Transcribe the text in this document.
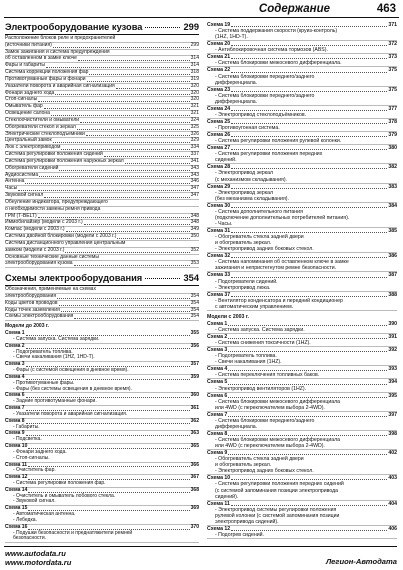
Содержание	463
Электрооборудование кузова	299
Расположение блоков реле и предохранителей
(источники питания)	299
Замок зажигания и система предупреждения
об оставленном в замке ключе	314
Фары и габариты	314
Система коррекции положения фар	318
Противотуманные фары и фонари	319
Указатели поворота и аварийная сигнализация	320
Фонари заднего хода	320
Стоп-сигналы	320
Омыватель фар	321
Освещение салона	321
Стеклоочистители и омыватели	324
Обогреватели стекол и зеркал	325
Электрические стеклоподъемники	326
Центральный замок	329
Люк с электроприводом	334
Система регулировки положения сидений	337
Система регулировки положения наружных зеркал	341
Обогреватели сидений	343
Аудиосистема	343
Антенна	346
Часы	347
Звуковой сигнал	347
Обнуление индикатора, предупреждающего
о необходимости замены ремня привода
ГРМ (Т-BELT)	348
Иммобилайзер (модели с 2003 г.)	348
Компас (модели с 2003 г.)	349
Система двойной блокировки (модели с 2003 г.)	350
Система дистанционного управления центральным
замком (модели с 2003 г.)	352
Основные технические данные системы
электрооборудования кузова	353
Схемы электрооборудования	354
Обозначения, применяемые на схемах
электрооборудования	354
Коды цветов проводов	354
Коды точек заземления	354
Схемы электрооборудования	354
Модели до 2003 г.
Схема 1	355
- Система запуска. Система зарядки.
Схема 2	356
- Подогреватель топлива.
- Свечи накаливания (1HZ, 1HD-T).
Схема 3	357
- Фары (с системой освещения в дневное время).
Схема 4	359
- Противотуманные фары.
- Фары (без системы освещения в дневное время).
Схема 6	360
- Задние противотуманные фонари.
Схема 7	361
- Указатели поворота и аварийная сигнализация.
Схема 8	362
- Габариты.
Схема 9	363
- Подсветка.
Схема 10	365
- Фонари заднего хода.
- Стоп-сигналы.
Схема 11	366
- Очиститель фар.
Схема 12	367
- Система регулировки положения фар.
Схема 14	368
- Очиститель и омыватель лобового стекла.
- Звуковой сигнал.
Схема 15	369
- Автоматическая антенна.
- Лебедка.
Схема 16	370
- Подушки безопасности и преднатяжители ремней
безопасности.
Схема 19	371
- Система поддержания скорости (круиз-контроль)
(1HZ, 1HD-T).
Схема 20	372
- Антиблокировочная система тормозов (ABS).
Схема 21	373
- Система блокировки межосевого дифференциала.
Схема 22	375
- Система блокировки переднего/заднего
дифференциала.
Схема 23	375
- Система блокировки переднего/заднего
дифференциала.
Схема 24	377
- Электропривод стеклоподъёмников.
Схема 25	378
- Противоугонная система.
Схема 26	379
- Система регулировки положения рулевой колонки.
Схема 27	380
- Система регулировки положения передних
сидений.
Схема 28	382
- Электропривод зеркал
(с механизмом складывания).
Схема 29	383
- Электропривод зеркал
(без механизма складывания).
Схема 30	384
- Система дополнительного питания
(подключение дополнительных потребителей питания).
- Часы.
Схема 31	385
- Обогреватель стекла задней двери
и обогреватель зеркал.
- Электропривод задних боковых стекол.
Схема 32	386
- Система напоминания об оставленном ключе в замке
зажигания и непристегнутом ремне безопасности.
Схема 33	387
- Подогреватели сидений.
- Электропривод люка.
Схема 37	388
- Вентилятор конденсатора и передний кондиционер
с автоматическим управлением.
Модели с 2003 г.
Схема 1	390
- Система запуска. Система зарядки.
Схема 2	391
- Система снижения токсичности (1HZ).
Схема 3	392
- Подогреватель топлива.
- Свечи накаливания (1HZ).
Схема 4	393
- Система переключения топливных баков.
Схема 5	394
- Электропривод вентиляторов (1HZ).
Схема 6	395
- Система блокировки межосевого дифференциала
или 4WD (с переключателем выбора 2-4WD).
Схема 7	397
- Система блокировки переднего/заднего
дифференциала.
Схема 8	398
- Система блокировки межосевого дифференциала
или 4WD (с переключателем выбора 2-4WD).
Схема 9	402
- Обогреватель стекла задней двери
и обогреватель зеркал.
- Электропривод задних боковых стекол.
Схема 10	403
- Система регулировки положения передних сидений
(с системой запоминания позиции электропривода
сидений).
Схема 11	404
- Электропривод системы регулировки положения
рулевой колонки (с системой запоминания позиции
электропривода сидений).
Схема 12	406
- Подогрев сидений.
www.autodata.ru
www.motordata.ru	Легион-Автодата
